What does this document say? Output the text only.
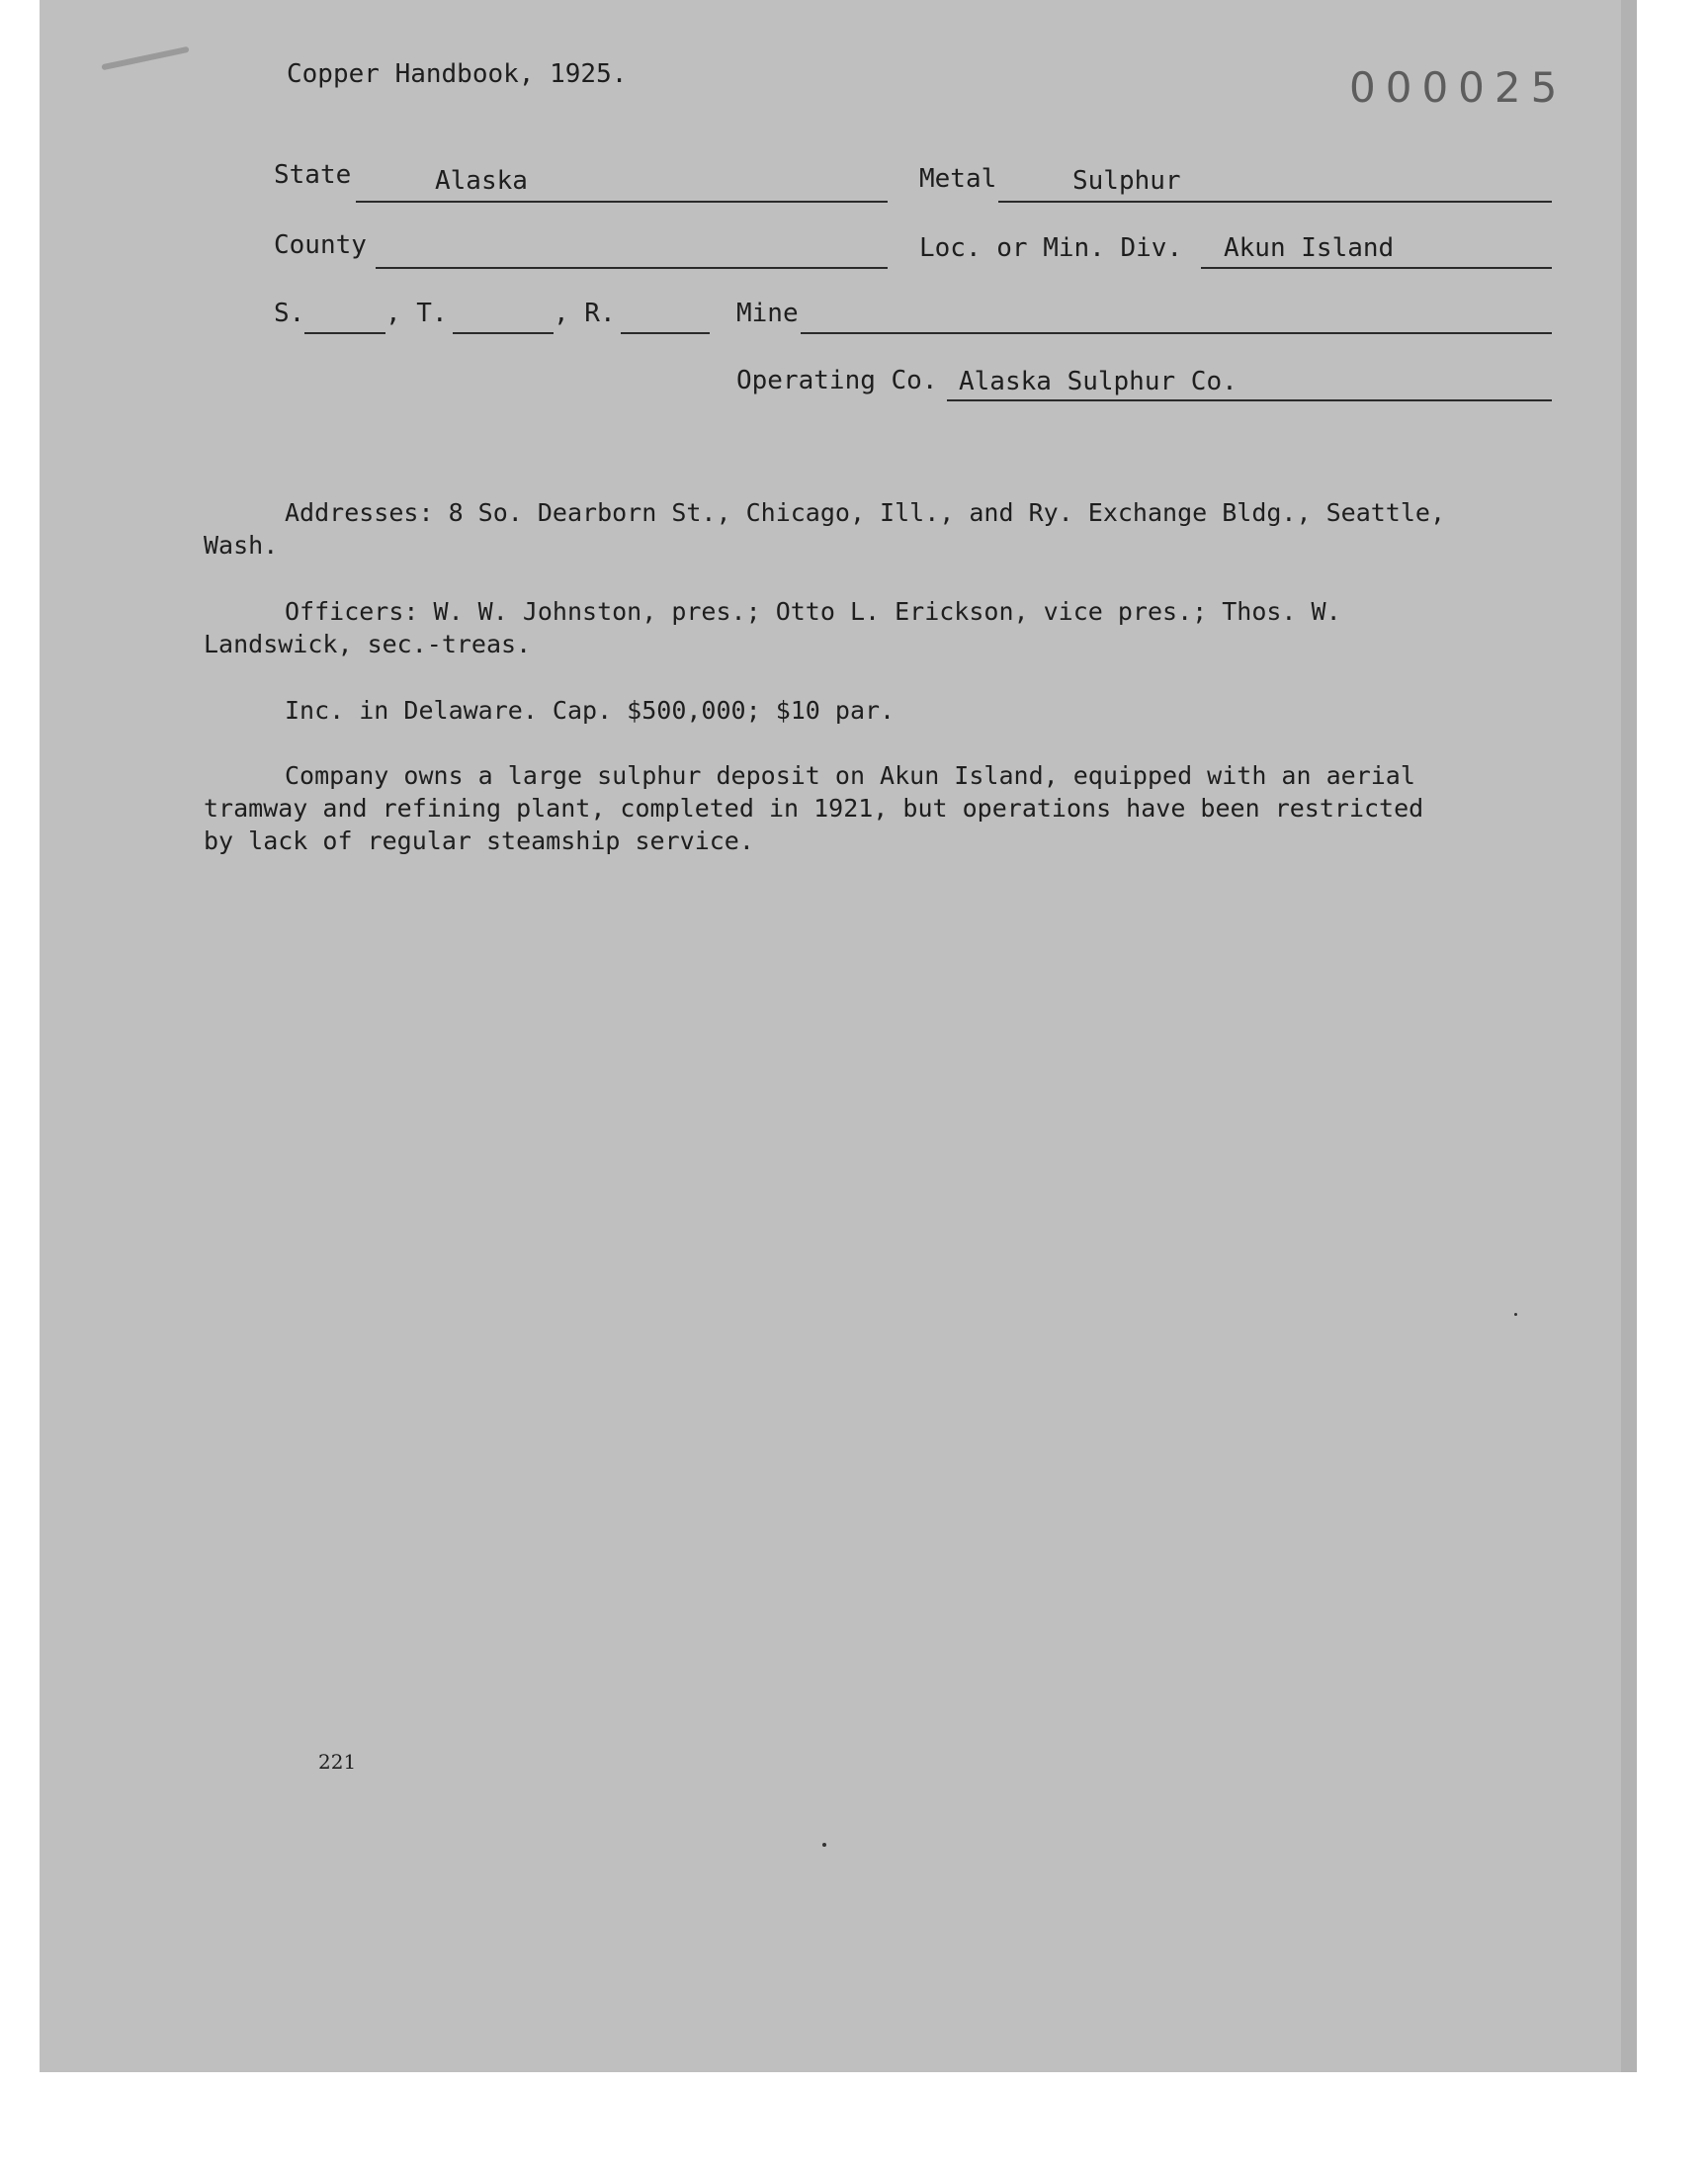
Copper Handbook, 1925.	000025
State	Alaska	Metal	Sulphur
County	Loc. or Min. Div. Akun Island
S.	, T.	, R.	Mine
Operating Co. Alaska Sulphur Co.

Addresses: 8 So. Dearborn St., Chicago, Ill., and Ry. Exchange Bldg., Seattle, Wash.

Officers: W. W. Johnston, pres.; Otto L. Erickson, vice pres.; Thos. W. Landswick, sec.-treas.

Inc. in Delaware. Cap. $500,000; $10 par.

Company owns a large sulphur deposit on Akun Island, equipped with an aerial tramway and refining plant, completed in 1921, but operations have been restricted by lack of regular steamship service.

221
